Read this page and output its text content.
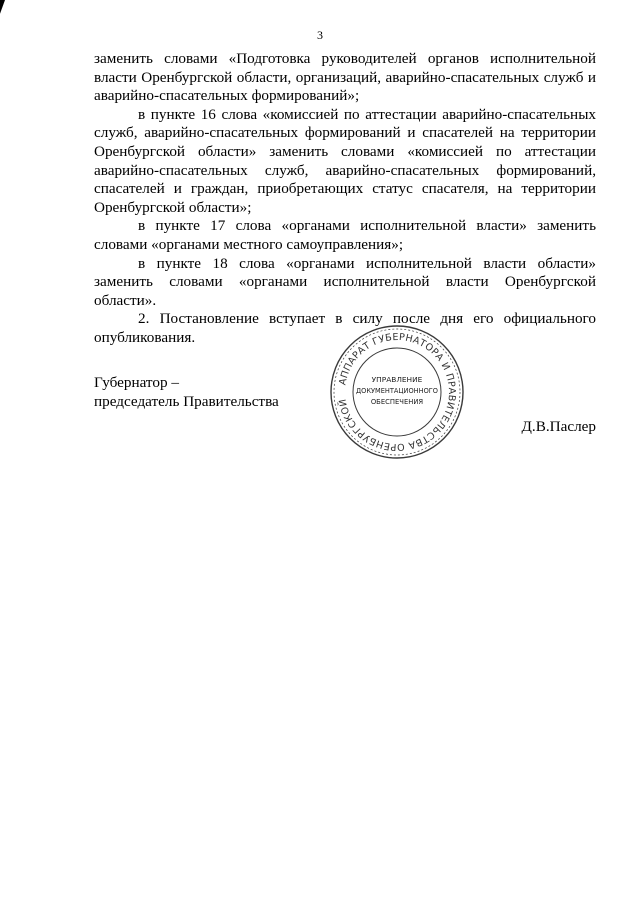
3

заменить словами «Подготовка руководителей органов исполнительной власти Оренбургской области, организаций, аварийно-спасательных служб и аварийно-спасательных формирований»;

в пункте 16 слова «комиссией по аттестации аварийно-спасательных служб, аварийно-спасательных формирований и спасателей на территории Оренбургской области» заменить словами «комиссией по аттестации аварийно-спасательных служб, аварийно-спасательных формирований, спасателей и граждан, приобретающих статус спасателя, на территории Оренбургской области»;

в пункте 17 слова «органами исполнительной власти» заменить словами «органами местного самоуправления»;

в пункте 18 слова «органами исполнительной власти области» заменить словами «органами исполнительной власти Оренбургской области».

2. Постановление вступает в силу после дня его официального опубликования.

Губернатор –
председатель Правительства
АППАРАТ ГУБЕРНАТОРА И ПРАВИТЕЛЬСТВА ОРЕНБУРГСКОЙ
УПРАВЛЕНИЕ
ДОКУМЕНТАЦИОННОГО
ОБЕСПЕЧЕНИЯ
Д.В.Паслер
